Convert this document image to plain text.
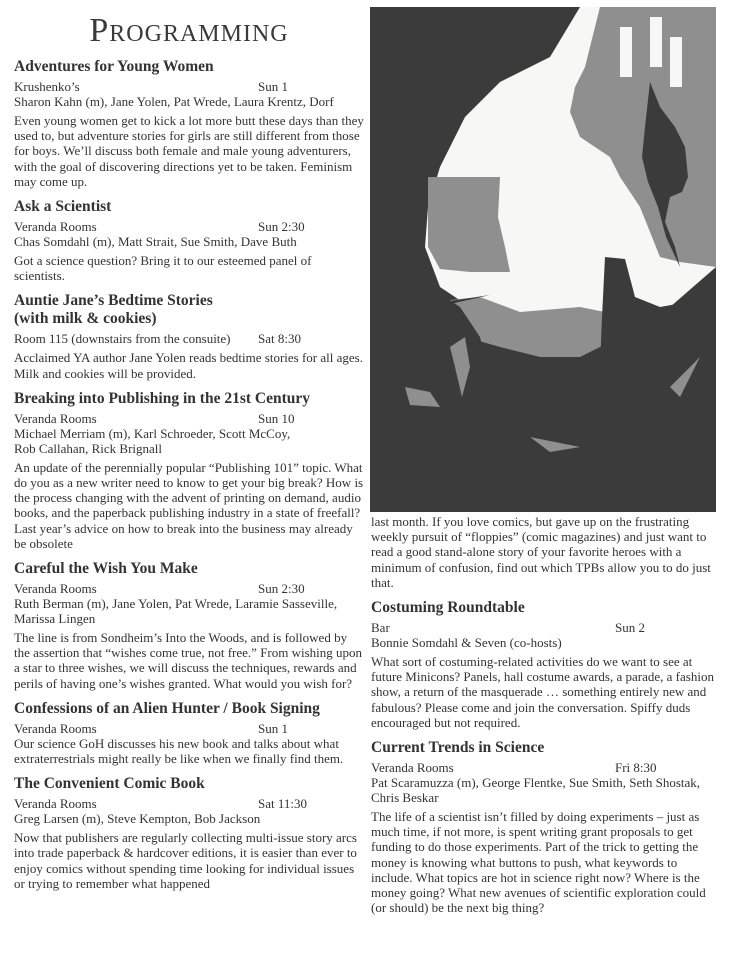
Programming
Adventures for Young Women
Krushenko’s	Sun 1
Sharon Kahn (m), Jane Yolen, Pat Wrede, Laura Krentz, Dorf
Even young women get to kick a lot more butt these days than they used to, but adventure stories for girls are still different from those for boys. We’ll discuss both female and male young adventurers, with the goal of discovering directions yet to be taken. Feminism may come up.
Ask a Scientist
Veranda Rooms	Sun 2:30
Chas Somdahl (m), Matt Strait, Sue Smith, Dave Buth
Got a science question? Bring it to our esteemed panel of scientists.
Auntie Jane’s Bedtime Stories (with milk & cookies)
Room 115 (downstairs from the consuite)	Sat 8:30
Acclaimed YA author Jane Yolen reads bedtime stories for all ages. Milk and cookies will be provided.
Breaking into Publishing in the 21st Century
Veranda Rooms	Sun 10
Michael Merriam (m), Karl Schroeder, Scott McCoy, Rob Callahan, Rick Brignall
An update of the perennially popular “Publishing 101” topic. What do you as a new writer need to know to get your big break? How is the process changing with the advent of printing on demand, audio books, and the paperback publishing industry in a state of freefall? Last year’s advice on how to break into the business may already be obsolete
Careful the Wish You Make
Veranda Rooms	Sun 2:30
Ruth Berman (m), Jane Yolen, Pat Wrede, Laramie Sasseville, Marissa Lingen
The line is from Sondheim’s Into the Woods, and is followed by the assertion that “wishes come true, not free.” From wishing upon a star to three wishes, we will discuss the techniques, rewards and perils of having one’s wishes granted. What would you wish for?
Confessions of an Alien Hunter / Book Signing
Veranda Rooms	Sun 1
Our science GoH discusses his new book and talks about what extraterrestrials might really be like when we finally find them.
The Convenient Comic Book
Veranda Rooms	Sat 11:30
Greg Larsen (m), Steve Kempton, Bob Jackson
Now that publishers are regularly collecting multi-issue story arcs into trade paperback & hardcover editions, it is easier than ever to enjoy comics without spending time looking for individual issues or trying to remember what happened
last month. If you love comics, but gave up on the frustrating weekly pursuit of “floppies” (comic magazines) and just want to read a good stand-alone story of your favorite heroes with a minimum of confusion, find out which TPBs allow you to do just that.
Costuming Roundtable
Bar	Sun 2
Bonnie Somdahl & Seven (co-hosts)
What sort of costuming-related activities do we want to see at future Minicons? Panels, hall costume awards, a parade, a fashion show, a return of the masquerade … something entirely new and fabulous? Please come and join the conversation. Spiffy duds encouraged but not required.
Current Trends in Science
Veranda Rooms	Fri 8:30
Pat Scaramuzza (m), George Flentke, Sue Smith, Seth Shostak, Chris Beskar
The life of a scientist isn’t filled by doing experiments – just as much time, if not more, is spent writing grant proposals to get funding to do those experiments. Part of the trick to getting the money is knowing what buttons to push, what keywords to include. What topics are hot in science right now? Where is the money going? What new avenues of scientific exploration could (or should) be the next big thing?
